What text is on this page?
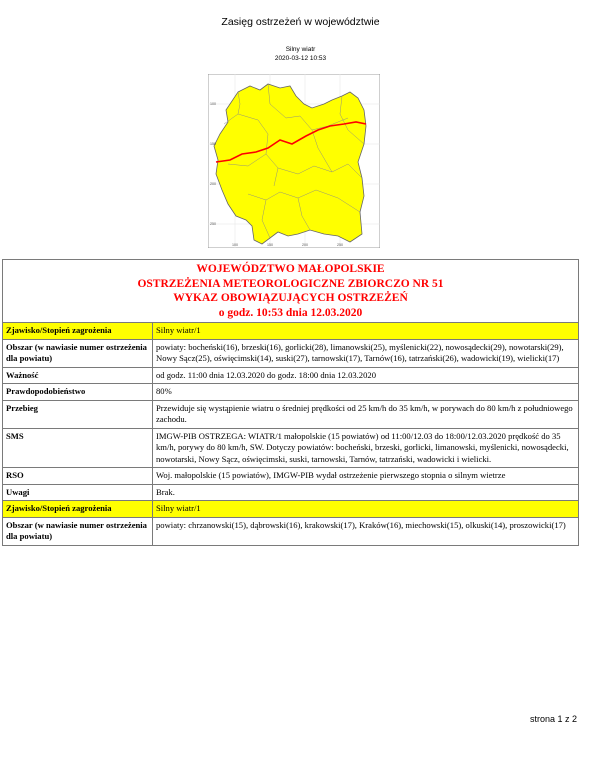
Zasięg ostrzeżeń w województwie
Silny wiatr
2020-03-12 10:53
100	150	200	250
100
150
200
250
WOJEWÓDZTWO MAŁOPOLSKIE
OSTRZEŻENIA METEOROLOGICZNE ZBIORCZO NR 51
WYKAZ OBOWIĄZUJĄCYCH OSTRZEŻEŃ
o godz. 10:53 dnia 12.03.2020	

Zjawisko/Stopień zagrożenia	Silny wiatr/1
Obszar (w nawiasie numer ostrzeżenia dla powiatu)	powiaty: bocheński(16), brzeski(16), gorlicki(28), limanowski(25), myślenicki(22), nowosądecki(29), nowotarski(29), Nowy Sącz(25), oświęcimski(14), suski(27), tarnowski(17), Tarnów(16), tatrzański(26), wadowicki(19), wielicki(17)
Ważność	od godz. 11:00 dnia 12.03.2020 do godz. 18:00 dnia 12.03.2020
Prawdopodobieństwo	80%
Przebieg	Przewiduje się wystąpienie wiatru o średniej prędkości od 25 km/h do 35 km/h, w porywach do 80 km/h z południowego zachodu.
SMS	IMGW-PIB OSTRZEGA: WIATR/1 małopolskie (15 powiatów) od 11:00/12.03 do 18:00/12.03.2020 prędkość do 35 km/h, porywy do 80 km/h, SW. Dotyczy powiatów: bocheński, brzeski, gorlicki, limanowski, myślenicki, nowosądecki, nowotarski, Nowy Sącz, oświęcimski, suski, tarnowski, Tarnów, tatrzański, wadowicki i wielicki.
RSO	Woj. małopolskie (15 powiatów), IMGW-PIB wydał ostrzeżenie pierwszego stopnia o silnym wietrze
Uwagi	Brak.
Zjawisko/Stopień zagrożenia	Silny wiatr/1
Obszar (w nawiasie numer ostrzeżenia dla powiatu)	powiaty: chrzanowski(15), dąbrowski(16), krakowski(17), Kraków(16), miechowski(15), olkuski(14), proszowicki(17)
strona 1 z 2
